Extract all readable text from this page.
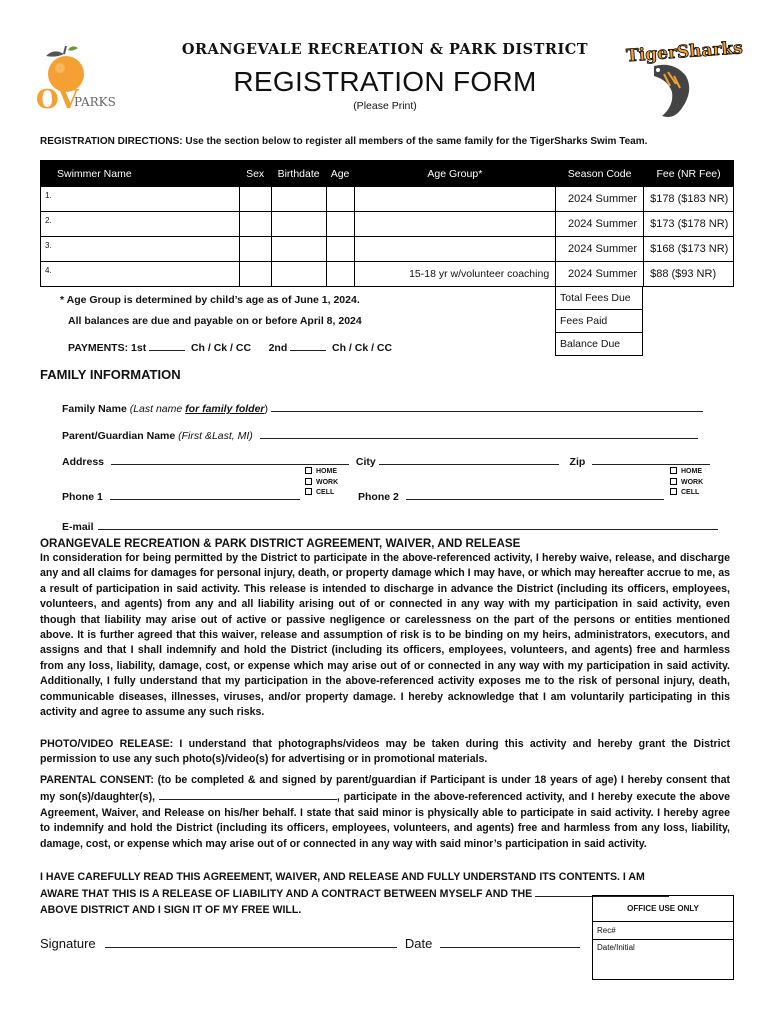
OV
PARKS
ORANGEVALE RECREATION & PARK DISTRICT
REGISTRATION FORM
(Please Print)
TigerSharks
REGISTRATION DIRECTIONS: Use the section below to register all members of the same family for the TigerSharks Swim Team.
Swimmer Name	Sex	Birthdate	Age	Age Group*	Season Code	Fee (NR Fee)
1.					2024 Summer	$178 ($183 NR)
2.					2024 Summer	$173 ($178 NR)
3.					2024 Summer	$168 ($173 NR)
4.				15-18 yr w/volunteer coaching	2024 Summer	$88 ($93 NR)
Total Fees Due
Fees Paid
Balance Due
* Age Group is determined by child’s age as of June 1, 2024.
All balances are due and payable on or before April 8, 2024
PAYMENTS: 1st	Ch / Ck / CC 2nd	Ch / Ck / CC
FAMILY INFORMATION
Family Name (Last name for family folder)
Parent/Guardian Name (First &Last, MI)
Address	City	Zip
Phone 1
HOME
WORK
CELL	Phone 2
HOME
WORK
CELL
E-mail
ORANGEVALE RECREATION & PARK DISTRICT AGREEMENT, WAIVER, AND RELEASE
In consideration for being permitted by the District to participate in the above-referenced activity, I hereby waive, release, and discharge any and all claims for damages for personal injury, death, or property damage which I may have, or which may hereafter accrue to me, as a result of participation in said activity. This release is intended to discharge in advance the District (including its officers, employees, volunteers, and agents) from any and all liability arising out of or connected in any way with my participation in said activity, even though that liability may arise out of active or passive negligence or carelessness on the part of the persons or entities mentioned above. It is further agreed that this waiver, release and assumption of risk is to be binding on my heirs, administrators, executors, and assigns and that I shall indemnify and hold the District (including its officers, employees, volunteers, and agents) free and harmless from any loss, liability, damage, cost, or expense which may arise out of or connected in any way with my participation in said activity. Additionally, I fully understand that my participation in the above-referenced activity exposes me to the risk of personal injury, death, communicable diseases, illnesses, viruses, and/or property damage. I hereby acknowledge that I am voluntarily participating in this activity and agree to assume any such risks.
PHOTO/VIDEO RELEASE: I understand that photographs/videos may be taken during this activity and hereby grant the District permission to use any such photo(s)/video(s) for advertising or in promotional materials.
PARENTAL CONSENT: (to be completed & and signed by parent/guardian if Participant is under 18 years of age) I hereby consent that my son(s)/daughter(s),	, participate in the above-referenced activity, and I hereby execute the above Agreement, Waiver, and Release on his/her behalf. I state that said minor is physically able to participate in said activity. I hereby agree to indemnify and hold the District (including its officers, employees, volunteers, and agents) free and harmless from any loss, liability, damage, cost, or expense which may arise out of or connected in any way with said minor’s participation in said activity.
I HAVE CAREFULLY READ THIS AGREEMENT, WAIVER, AND RELEASE AND FULLY UNDERSTAND ITS CONTENTS. I AM
AWARE THAT THIS IS A RELEASE OF LIABILITY AND A CONTRACT BETWEEN MYSELF AND THE
ABOVE DISTRICT AND I SIGN IT OF MY FREE WILL.	OFFICE USE ONLY
Rec#
Date/Initial
Signature	Date
